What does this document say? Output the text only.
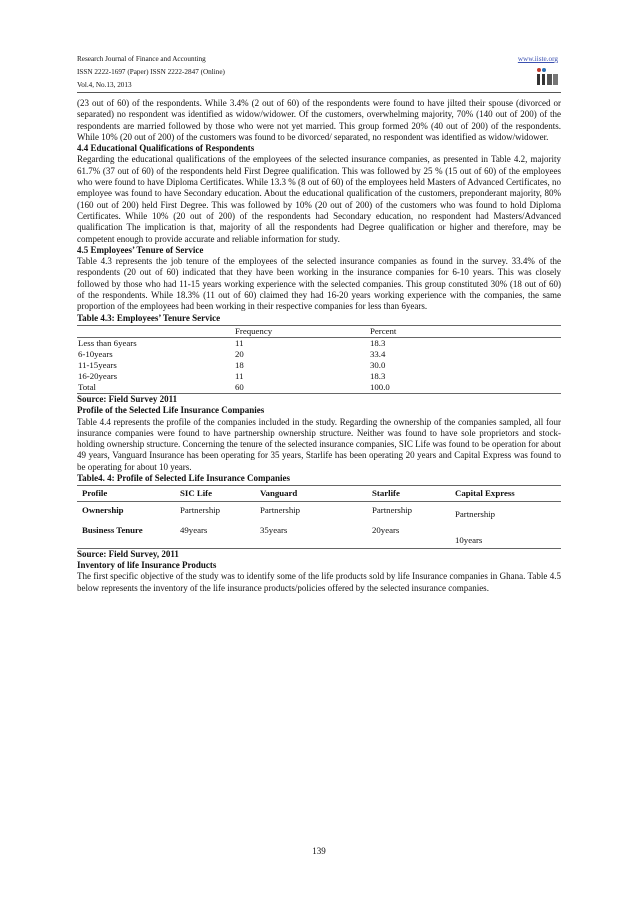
Research Journal of Finance and Accounting
ISSN 2222-1697 (Paper) ISSN 2222-2847 (Online)
Vol.4, No.13, 2013
www.iiste.org

(23 out of 60) of the respondents. While 3.4% (2 out of 60) of the respondents were found to have jilted their spouse (divorced or separated) no respondent was identified as widow/widower. Of the customers, overwhelming majority, 70% (140 out of 200) of the respondents are married followed by those who were not yet married. This group formed 20% (40 out of 200) of the respondents. While 10% (20 out of 200) of the customers was found to be divorced/ separated, no respondent was identified as widow/widower.

4.4 Educational Qualifications of Respondents

Regarding the educational qualifications of the employees of the selected insurance companies, as presented in Table 4.2, majority 61.7% (37 out of 60) of the respondents held First Degree qualification. This was followed by 25 % (15 out of 60) of the employees who were found to have Diploma Certificates. While 13.3 % (8 out of 60) of the employees held Masters of Advanced Certificates, no employee was found to have Secondary education. About the educational qualification of the customers, preponderant majority, 80% (160 out of 200) held First Degree. This was followed by 10% (20 out of 200) of the customers who was found to hold Diploma Certificates. While 10% (20 out of 200) of the respondents had Secondary education, no respondent had Masters/Advanced qualification The implication is that, majority of all the respondents had Degree qualification or higher and therefore, may be competent enough to provide accurate and reliable information for study.

4.5 Employees’ Tenure of Service

Table 4.3 represents the job tenure of the employees of the selected insurance companies as found in the survey. 33.4% of the respondents (20 out of 60) indicated that they have been working in the insurance companies for 6-10 years. This was closely followed by those who had 11-15 years working experience with the selected companies. This group constituted 30% (18 out of 60) of the respondents. While 18.3% (11 out of 60) claimed they had 16-20 years working experience with the companies, the same proportion of the employees had been working in their respective companies for less than 6years.

Table 4.3: Employees’ Tenure Service
	Frequency	Percent
Less than 6years	11	18.3
6-10years	20	33.4
11-15years	18	30.0
16-20years	11	18.3
Total	60	100.0
Source: Field Survey 2011
Profile of the Selected Life Insurance Companies

Table 4.4 represents the profile of the companies included in the study. Regarding the ownership of the companies sampled, all four insurance companies were found to have partnership ownership structure. Neither was found to have sole proprietors and stock-holding ownership structure. Concerning the tenure of the selected insurance companies, SIC Life was found to be operation for about 49 years, Vanguard Insurance has been operating for 35 years, Starlife has been operating 20 years and Capital Express was found to be operating for about 10 years.

Table4. 4: Profile of Selected Life Insurance Companies
Profile	SIC Life	Vanguard	Starlife	Capital Express
Ownership	Partnership	Partnership	Partnership	Partnership
Business Tenure	49years	35years	20years	10years
Source: Field Survey, 2011
Inventory of life Insurance Products

The first specific objective of the study was to identify some of the life products sold by life Insurance companies in Ghana. Table 4.5 below represents the inventory of the life insurance products/policies offered by the selected insurance companies.

139
